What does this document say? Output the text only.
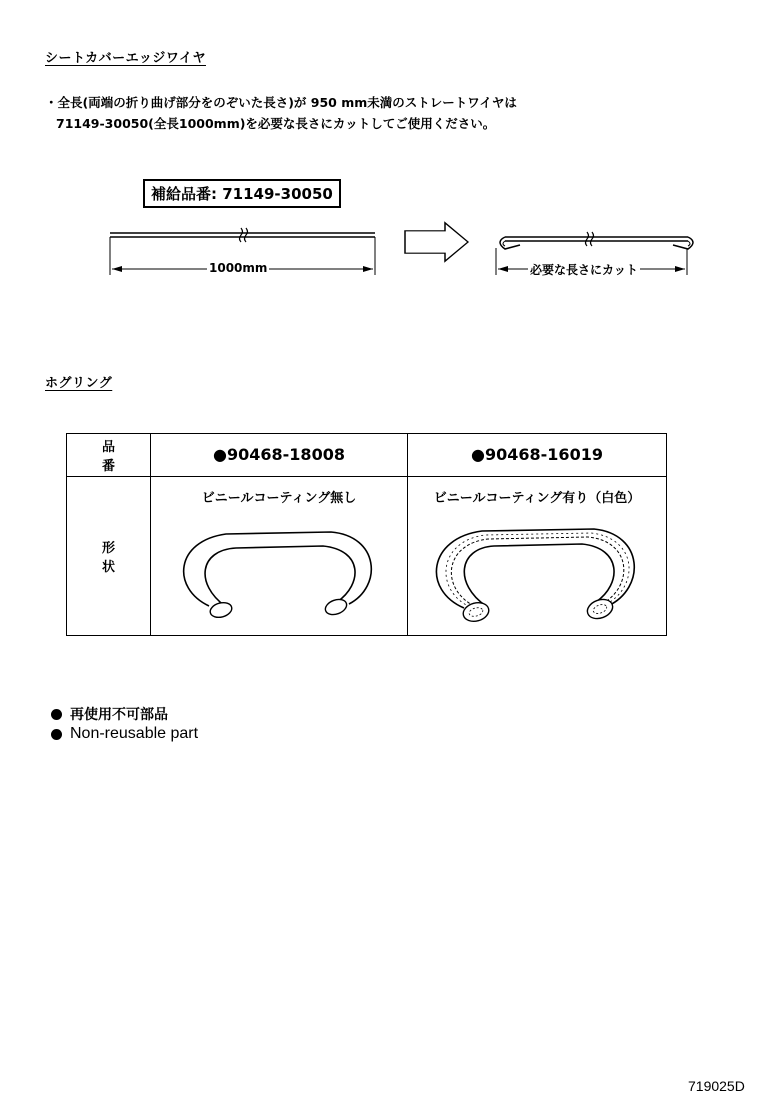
シートカバーエッジワイヤ
・全長(両端の折り曲げ部分をのぞいた長さ)が 950 mm未満のストレートワイヤは
71149-30050(全長1000mm)を必要な長さにカットしてご使用ください。
補給品番: 71149-30050
1000mm	必要な長さにカット
ホグリング
品　番	●90468-18008	●90468-16019
形　状	ビニールコーティング無し	ビニールコーティング有り（白色）
再使用不可部品
Non-reusable part
719025D
